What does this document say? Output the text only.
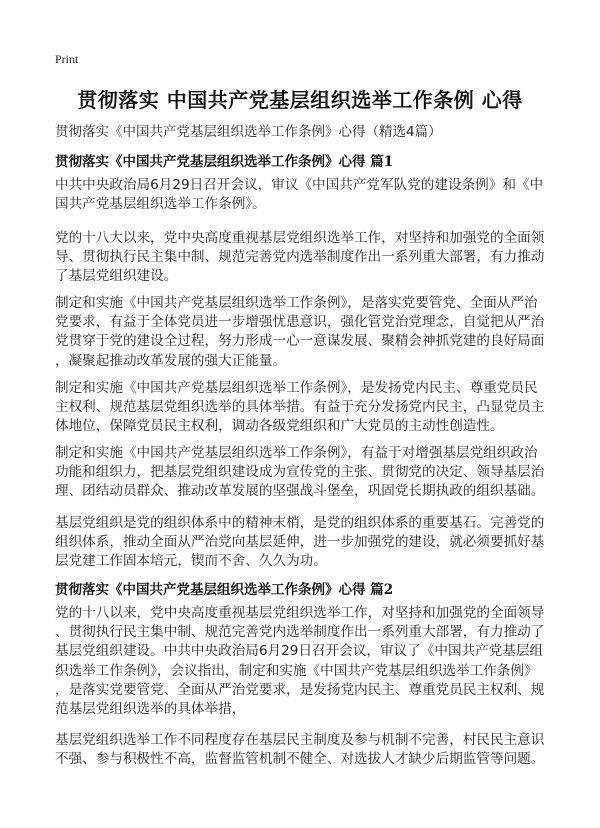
Print
贯彻落实 中国共产党基层组织选举工作条例 心得
贯彻落实《中国共产党基层组织选举工作条例》心得（精选4篇）
贯彻落实《中国共产党基层组织选举工作条例》心得 篇1
中共中央政治局6月29日召开会议，审议《中国共产党军队党的建设条例》和《中
国共产党基层组织选举工作条例》。
党的十八大以来，党中央高度重视基层党组织选举工作，对坚持和加强党的全面领
导、贯彻执行民主集中制、规范完善党内选举制度作出一系列重大部署，有力推动
了基层党组织建设。
制定和实施《中国共产党基层组织选举工作条例》，是落实党要管党、全面从严治
党要求，有益于全体党员进一步增强忧患意识，强化管党治党理念，自觉把从严治
党贯穿于党的建设全过程，努力形成一心一意谋发展、聚精会神抓党建的良好局面
，凝聚起推动改革发展的强大正能量。
制定和实施《中国共产党基层组织选举工作条例》，是发扬党内民主、尊重党员民
主权利、规范基层党组织选举的具体举措。有益于充分发扬党内民主，凸显党员主
体地位，保障党员民主权利，调动各级党组织和广大党员的主动性创造性。
制定和实施《中国共产党基层组织选举工作条例》，有益于对增强基层党组织政治
功能和组织力，把基层党组织建设成为宣传党的主张、贯彻党的决定、领导基层治
理、团结动员群众、推动改革发展的坚强战斗堡垒，巩固党长期执政的组织基础。
基层党组织是党的组织体系中的精神末梢，是党的组织体系的重要基石。完善党的
组织体系，推动全面从严治党向基层延伸，进一步加强党的建设，就必须要抓好基
层党建工作固本培元，锲而不舍、久久为功。
贯彻落实《中国共产党基层组织选举工作条例》心得 篇2
党的十八以来，党中央高度重视基层党组织选举工作，对坚持和加强党的全面领导
、贯彻执行民主集中制、规范完善党内选举制度作出一系列重大部署，有力推动了
基层党组织建设。中共中央政治局6月29日召开会议，审议了《中国共产党基层组
织选举工作条例》，会议指出，制定和实施《中国共产党基层组织选举工作条例》
，是落实党要管党、全面从严治党要求，是发扬党内民主、尊重党员民主权利、规
范基层党组织选举的具体举措，
基层党组织选举工作不同程度存在基层民主制度及参与机制不完善，村民民主意识
不强、参与积极性不高，监督监管机制不健全、对选拔人才缺少后期监管等问题。
